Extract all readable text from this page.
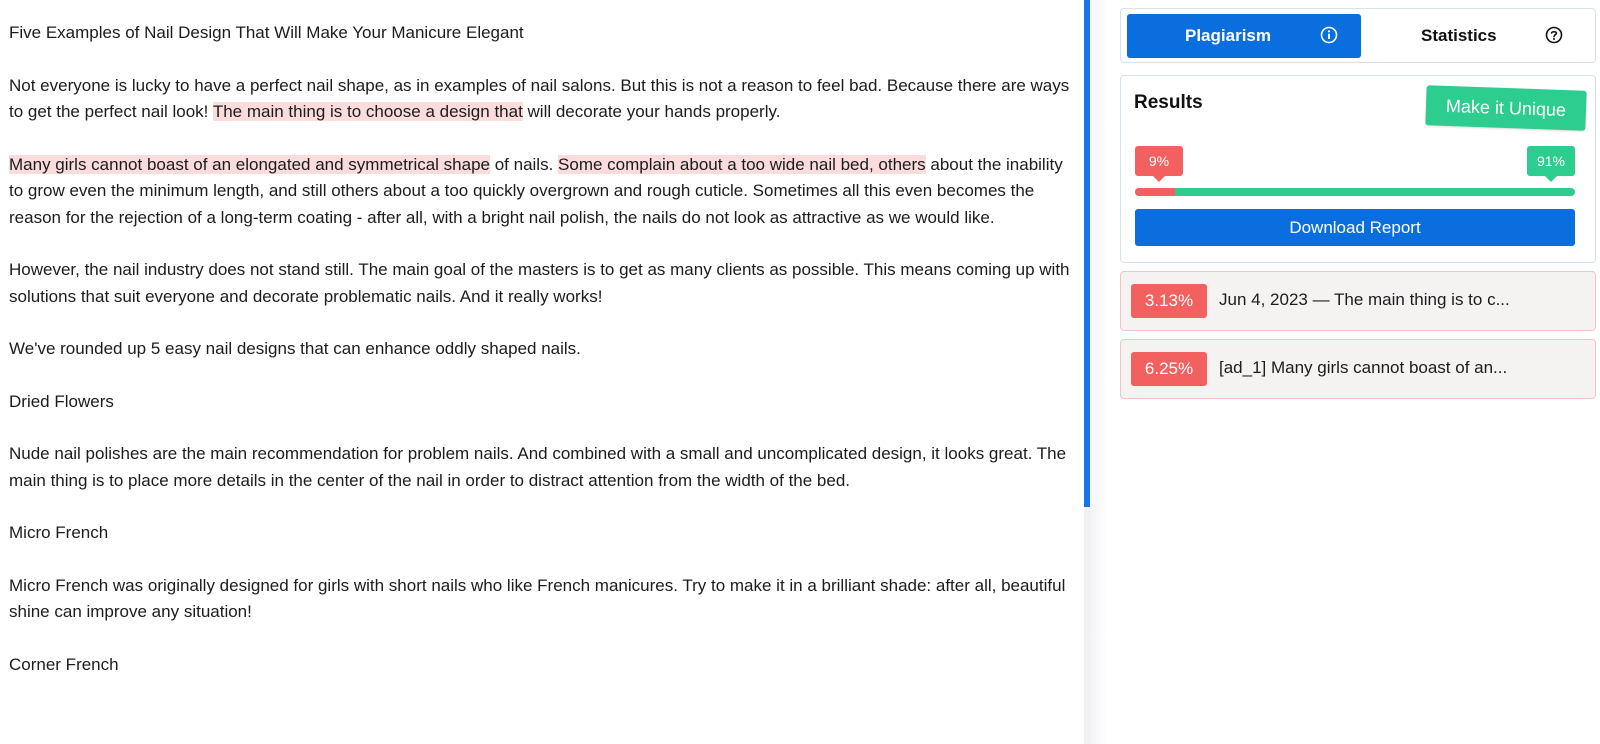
Five Examples of Nail Design That Will Make Your Manicure Elegant

Not everyone is lucky to have a perfect nail shape, as in examples of nail salons. But this is not a reason to feel bad. Because there are ways to get the perfect nail look! The main thing is to choose a design that will decorate your hands properly.

Many girls cannot boast of an elongated and symmetrical shape of nails. Some complain about a too wide nail bed, others about the inability to grow even the minimum length, and still others about a too quickly overgrown and rough cuticle. Sometimes all this even becomes the reason for the rejection of a long-term coating - after all, with a bright nail polish, the nails do not look as attractive as we would like.

However, the nail industry does not stand still. The main goal of the masters is to get as many clients as possible. This means coming up with solutions that suit everyone and decorate problematic nails. And it really works!

We've rounded up 5 easy nail designs that can enhance oddly shaped nails.

Dried Flowers

Nude nail polishes are the main recommendation for problem nails. And combined with a small and uncomplicated design, it looks great. The main thing is to place more details in the center of the nail in order to distract attention from the width of the bed.

Micro French

Micro French was originally designed for girls with short nails who like French manicures. Try to make it in a brilliant shade: after all, beautiful shine can improve any situation!

Corner French

Plagiarism	Statistics
Results	Make it Unique
9%	91%
Download Report
3.13%	Jun 4, 2023 — The main thing is to c...
6.25%	[ad_1] Many girls cannot boast of an...
